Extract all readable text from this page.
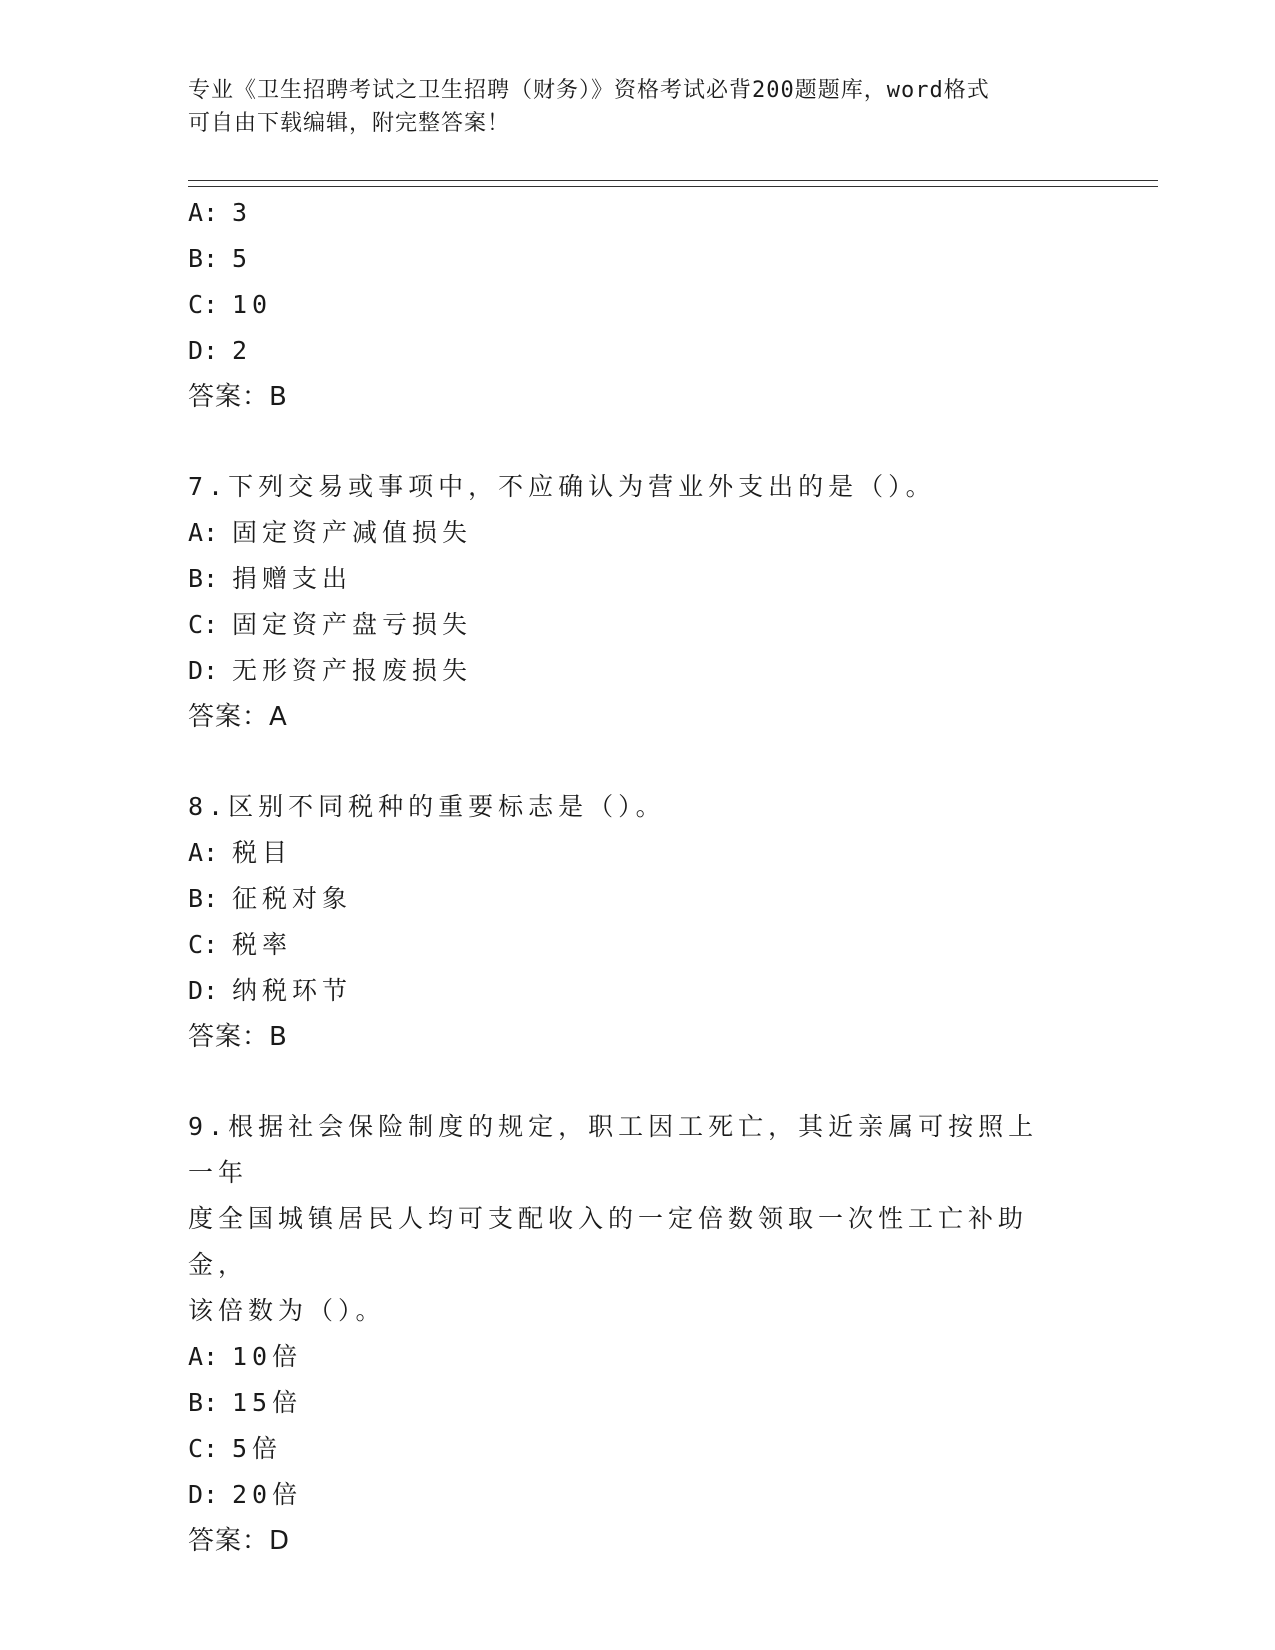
专业《卫生招聘考试之卫生招聘（财务）》资格考试必背200题题库，word格式
可自由下载编辑，附完整答案！
A: 3
B: 5
C: 10
D: 2
答案：B
7.下列交易或事项中，不应确认为营业外支出的是（）。
A: 固定资产减值损失
B: 捐赠支出
C: 固定资产盘亏损失
D: 无形资产报废损失
答案：A
8.区别不同税种的重要标志是（）。
A: 税目
B: 征税对象
C: 税率
D: 纳税环节
答案：B
9.根据社会保险制度的规定，职工因工死亡，其近亲属可按照上一年
度全国城镇居民人均可支配收入的一定倍数领取一次性工亡补助金，
该倍数为（）。
A: 10倍
B: 15倍
C: 5倍
D: 20倍
答案：D
